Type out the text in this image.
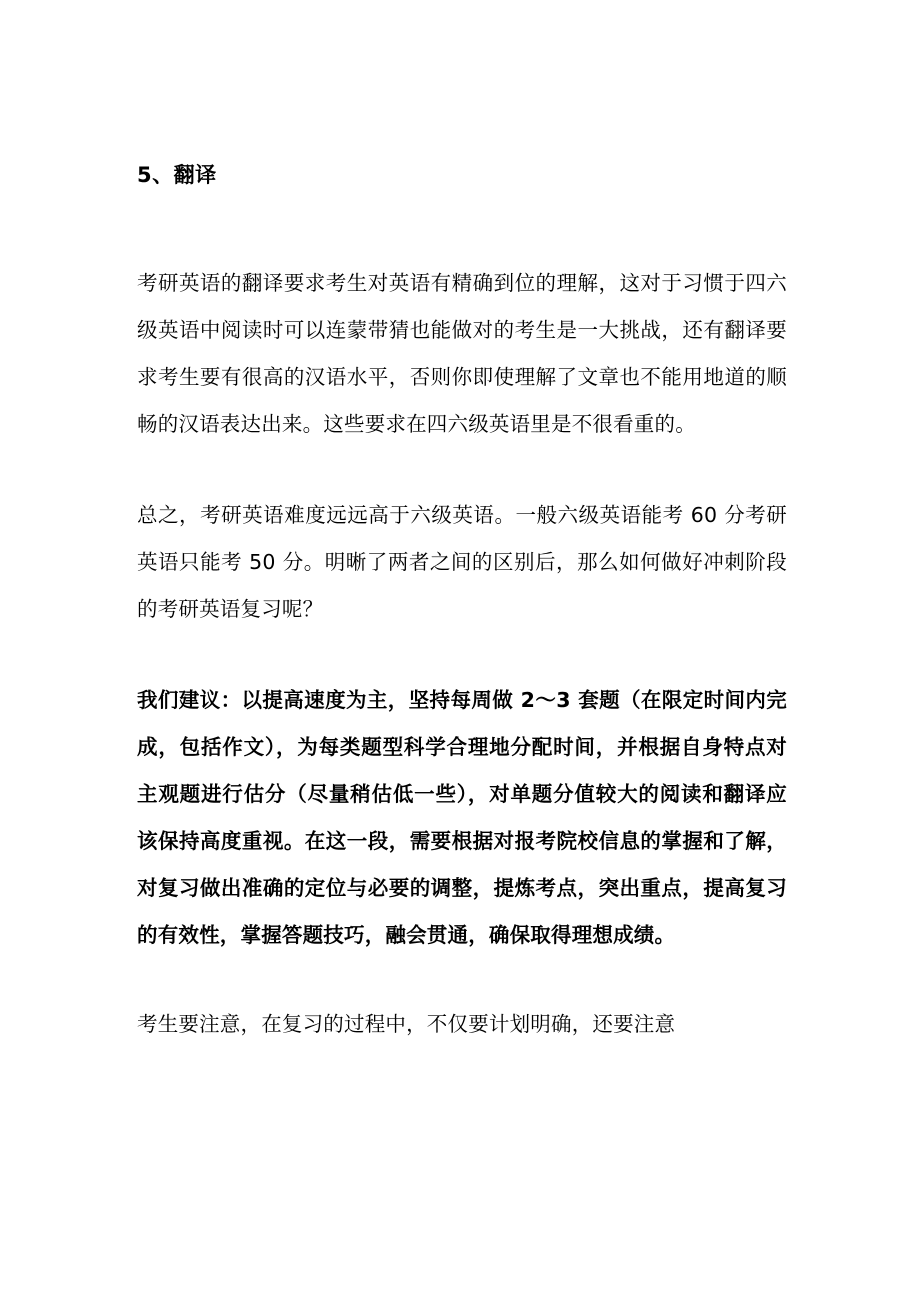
5、翻译

考研英语的翻译要求考生对英语有精确到位的理解，这对于习惯于四六级英语中阅读时可以连蒙带猜也能做对的考生是一大挑战，还有翻译要求考生要有很高的汉语水平，否则你即使理解了文章也不能用地道的顺畅的汉语表达出来。这些要求在四六级英语里是不很看重的。

总之，考研英语难度远远高于六级英语。一般六级英语能考 60 分考研英语只能考 50 分。明晰了两者之间的区别后，那么如何做好冲刺阶段的考研英语复习呢？

我们建议：以提高速度为主，坚持每周做 2～3 套题（在限定时间内完成，包括作文），为每类题型科学合理地分配时间，并根据自身特点对主观题进行估分（尽量稍估低一些），对单题分值较大的阅读和翻译应该保持高度重视。在这一段，需要根据对报考院校信息的掌握和了解，对复习做出准确的定位与必要的调整，提炼考点，突出重点，提高复习的有效性，掌握答题技巧，融会贯通，确保取得理想成绩。

考生要注意，在复习的过程中，不仅要计划明确，还要注意
